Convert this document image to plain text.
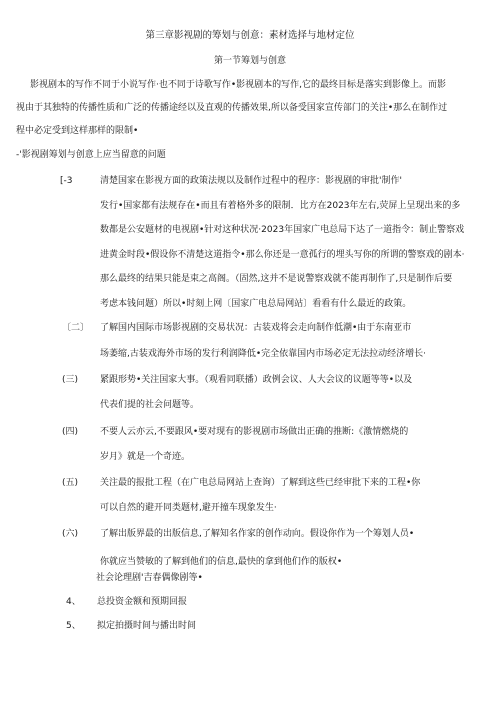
第三章影视剧的筹划与创意：素材选择与地材定位
第一节筹划与创意
影视剧本的写作不同于小说写作·也不同于诗歌写作•影视剧本的写作,它的最终目标是落实到影像上。而影
视由于其独特的传播性质和广泛的传播途经以及直观的传播效果,所以备受国家宣传部门的关注•那么在制作过
程中必定受到这样那样的限制•
-'影视剧筹划与创意上应当留意的问题
[-3	清楚国家在影视方面的政策法规以及制作过程中的程序：影视剧的审批'制作'
发行•国家都有法规存在•而且有着格外多的限制．比方在2023年左右,荧屏上呈现出来的多
数都是公安题材的电视剧•针对这种状况·2023年国家广电总局下达了一道指令：制止警察戏
进黄金时段•假设你不清楚这道指令•那么你还是一意孤行的埋头写你的所谓的警察戏的剧本·
那么最终的结果只能是束之高阁。（固然,这并不是说警察戏就不能再制作了,只是制作后要
考虑本钱问题）所以•时刻上网〔国家广电总局网站〕看看有什么最近的政策。
〔二〕 了解国内国际市场影视剧的交易状况：古装戏将会走向制作低潮•由于东南亚市
场萎缩,古装戏海外市场的发行利润降低•完全依靠国内市场必定无法拉动经济增长·
(三) 紧跟形势•关注国家大事。（观看同联播）政例会议、人大会议的议题等等•以及
代表们提的社会问题等。
(四) 不要人云亦云,不要跟风•要对现有的影视剧市场做出正确的推断:《激情燃烧的
岁月》就是一个奇迹。
(五) 关注最的报批工程（在广电总局网站上查询）了解到这些已经审批下来的工程•你
可以自然的避开同类题材,避开撞车现象发生·
(六) 了解出版界最的出版信息,了解知名作家的创作动向。假设你作为一个筹划人员•
你就应当赞敏的了解到他们的信息,最快的拿到他们作的版权•
社会论理剧'吉春偶像剧等•
4、 总投资金额和预期回报
5、 拟定拍摄时间与播出时间
